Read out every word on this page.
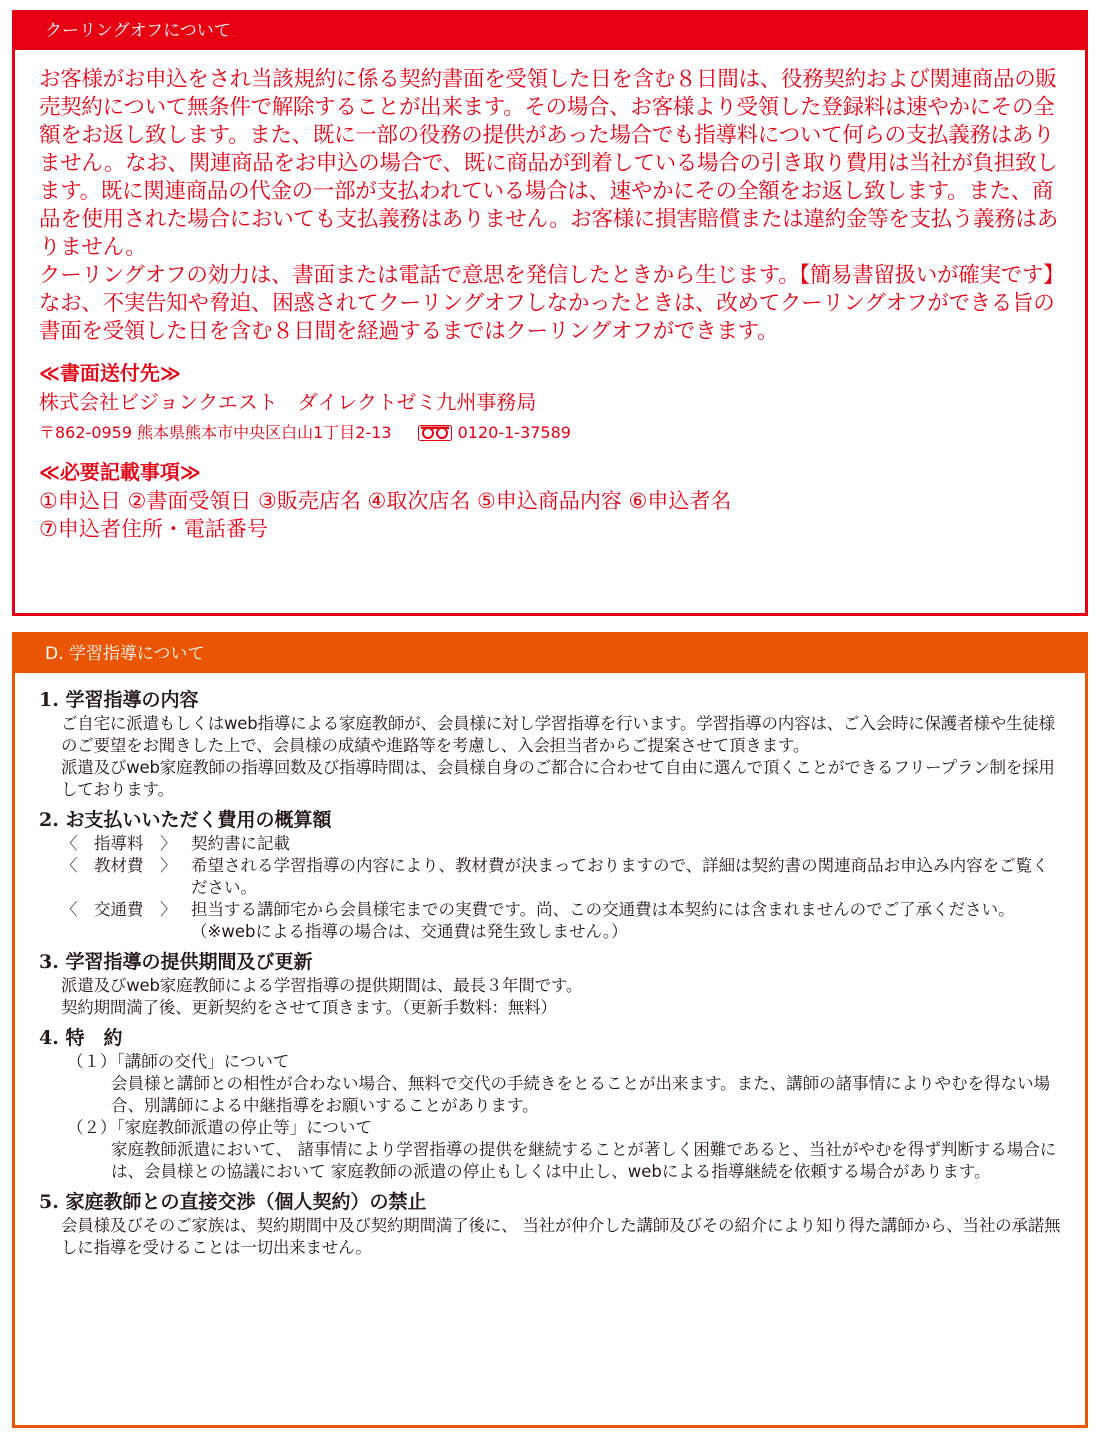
クーリングオフについて

お客様がお申込をされ当該規約に係る契約書面を受領した日を含む８日間は、役務契約および関連商品の販売契約について無条件で解除することが出来ます。その場合、お客様より受領した登録料は速やかにその全額をお返し致します。また、既に一部の役務の提供があった場合でも指導料について何らの支払義務はありません。なお、関連商品をお申込の場合で、既に商品が到着している場合の引き取り費用は当社が負担致します。既に関連商品の代金の一部が支払われている場合は、速やかにその全額をお返し致します。また、商品を使用された場合においても支払義務はありません。お客様に損害賠償または違約金等を支払う義務はありません。

クーリングオフの効力は、書面または電話で意思を発信したときから生じます。【簡易書留扱いが確実です】なお、不実告知や脅迫、困惑されてクーリングオフしなかったときは、改めてクーリングオフができる旨の書面を受領した日を含む８日間を経過するまではクーリングオフができます。

≪書面送付先≫

株式会社ビジョンクエスト　ダイレクトゼミ九州事務局

〒862-0959 熊本県熊本市中央区白山1丁目2-13	0120-1-37589

≪必要記載事項≫

①申込日 ②書面受領日 ③販売店名 ④取次店名 ⑤申込商品内容 ⑥申込者名

⑦申込者住所・電話番号

D. 学習指導について

1. 学習指導の内容

ご自宅に派遣もしくはweb指導による家庭教師が、会員様に対し学習指導を行います。学習指導の内容は、ご入会時に保護者様や生徒様のご要望をお聞きした上で、会員様の成績や進路等を考慮し、入会担当者からご提案させて頂きます。

派遣及びweb家庭教師の指導回数及び指導時間は、会員様自身のご都合に合わせて自由に選んで頂くことができるフリープラン制を採用しております。

2. お支払いいただく費用の概算額

〈　指導料　〉 契約書に記載
〈　教材費　〉 希望される学習指導の内容により、教材費が決まっておりますので、詳細は契約書の関連商品お申込み内容をご覧ください。
〈　交通費　〉 担当する講師宅から会員様宅までの実費です。尚、この交通費は本契約には含まれませんのでご了承ください。（※webによる指導の場合は、交通費は発生致しません。）

3. 学習指導の提供期間及び更新

派遣及びweb家庭教師による学習指導の提供期間は、最長３年間です。

契約期間満了後、更新契約をさせて頂きます。（更新手数料：無料）

4. 特　約

（１）「講師の交代」について

会員様と講師との相性が合わない場合、無料で交代の手続きをとることが出来ます。また、講師の諸事情によりやむを得ない場合、別講師による中継指導をお願いすることがあります。

（２）「家庭教師派遣の停止等」について

家庭教師派遣において、 諸事情により学習指導の提供を継続することが著しく困難であると、当社がやむを得ず判断する場合には、会員様との協議において 家庭教師の派遣の停止もしくは中止し、webによる指導継続を依頼する場合があります。

5. 家庭教師との直接交渉（個人契約）の禁止

会員様及びそのご家族は、契約期間中及び契約期間満了後に、 当社が仲介した講師及びその紹介により知り得た講師から、当社の承諾無しに指導を受けることは一切出来ません。
